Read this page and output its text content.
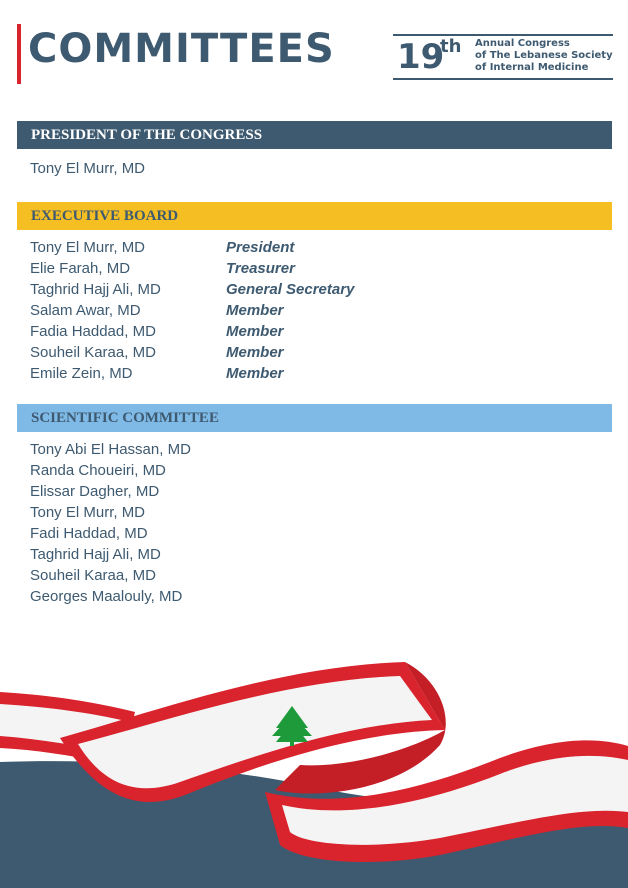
COMMITTEES 19
th Annual Congress
of The Lebanese Society
of Internal Medicine
PRESIDENT OF THE CONGRESS
Tony El Murr, MD
EXECUTIVE BOARD
Tony El Murr, MD	President
Elie Farah, MD	Treasurer
Taghrid Hajj Ali, MD	General Secretary
Salam Awar, MD	Member
Fadia Haddad, MD	Member
Souheil Karaa, MD	Member
Emile Zein, MD	Member
SCIENTIFIC COMMITTEE
Tony Abi El Hassan, MD
Randa Choueiri, MD
Elissar Dagher, MD
Tony El Murr, MD
Fadi Haddad, MD
Taghrid Hajj Ali, MD
Souheil Karaa, MD
Georges Maalouly, MD
